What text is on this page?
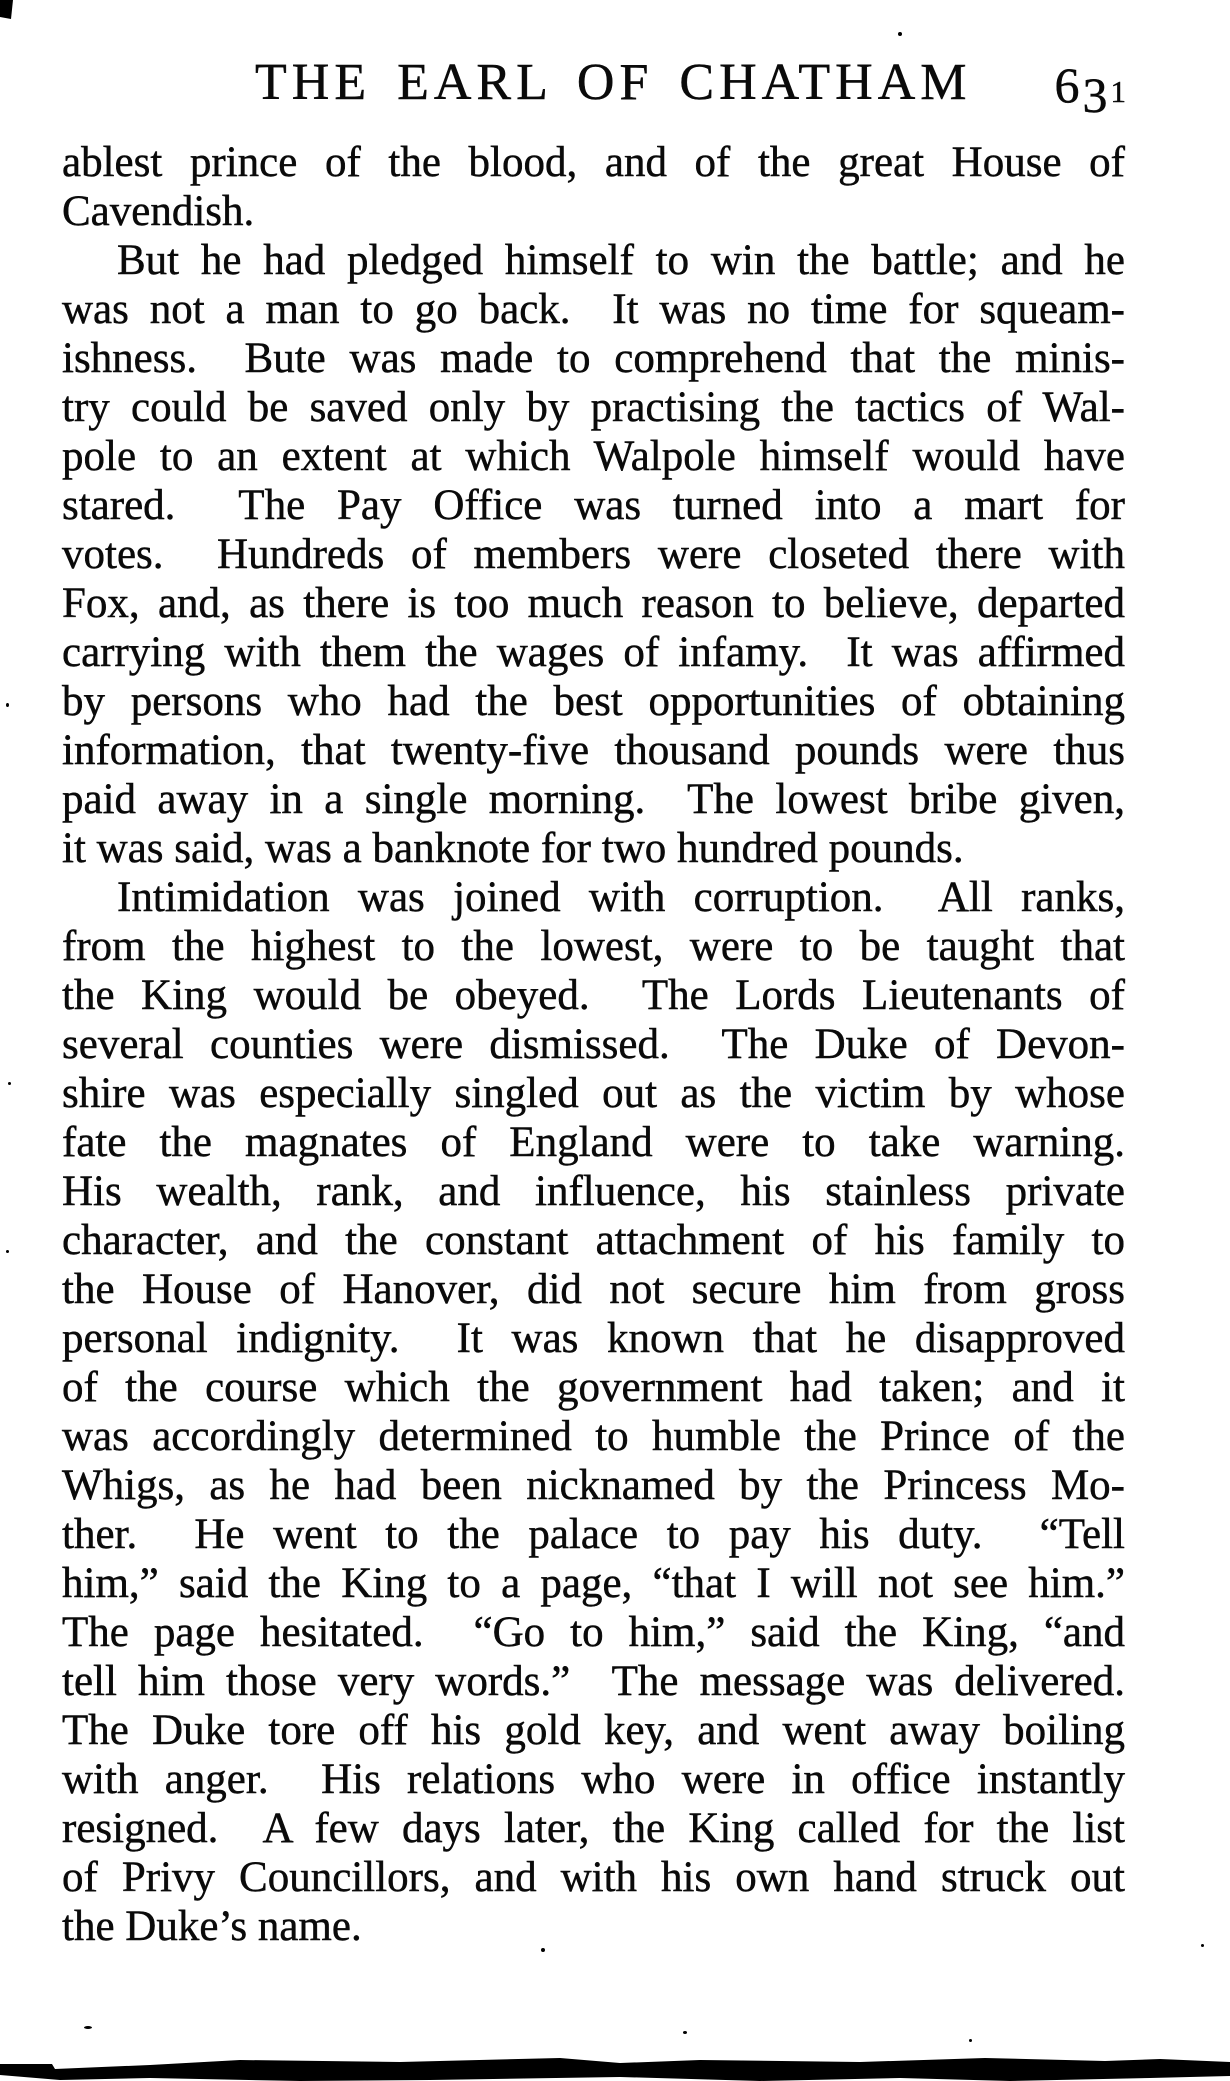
THE EARL OF CHATHAM 631
ablest prince of the blood, and of the great House of
Cavendish.
But he had pledged himself to win the battle; and he
was not a man to go back.  It was no time for squeam-
ishness.  Bute was made to comprehend that the minis-
try could be saved only by practising the tactics of Wal-
pole to an extent at which Walpole himself would have
stared.  The Pay Office was turned into a mart for
votes.  Hundreds of members were closeted there with
Fox, and, as there is too much reason to believe, departed
carrying with them the wages of infamy.  It was affirmed
by persons who had the best opportunities of obtaining
information, that twenty-five thousand pounds were thus
paid away in a single morning.  The lowest bribe given,
it was said, was a banknote for two hundred pounds.
Intimidation was joined with corruption.  All ranks,
from the highest to the lowest, were to be taught that
the King would be obeyed.  The Lords Lieutenants of
several counties were dismissed.  The Duke of Devon-
shire was especially singled out as the victim by whose
fate the magnates of England were to take warning.
His wealth, rank, and influence, his stainless private
character, and the constant attachment of his family to
the House of Hanover, did not secure him from gross
personal indignity.  It was known that he disapproved
of the course which the government had taken; and it
was accordingly determined to humble the Prince of the
Whigs, as he had been nicknamed by the Princess Mo-
ther.  He went to the palace to pay his duty.  “Tell
him,” said the King to a page, “that I will not see him.”
The page hesitated.  “Go to him,” said the King, “and
tell him those very words.”  The message was delivered.
The Duke tore off his gold key, and went away boiling
with anger.  His relations who were in office instantly
resigned.  A few days later, the King called for the list
of Privy Councillors, and with his own hand struck out
the Duke’s name.
